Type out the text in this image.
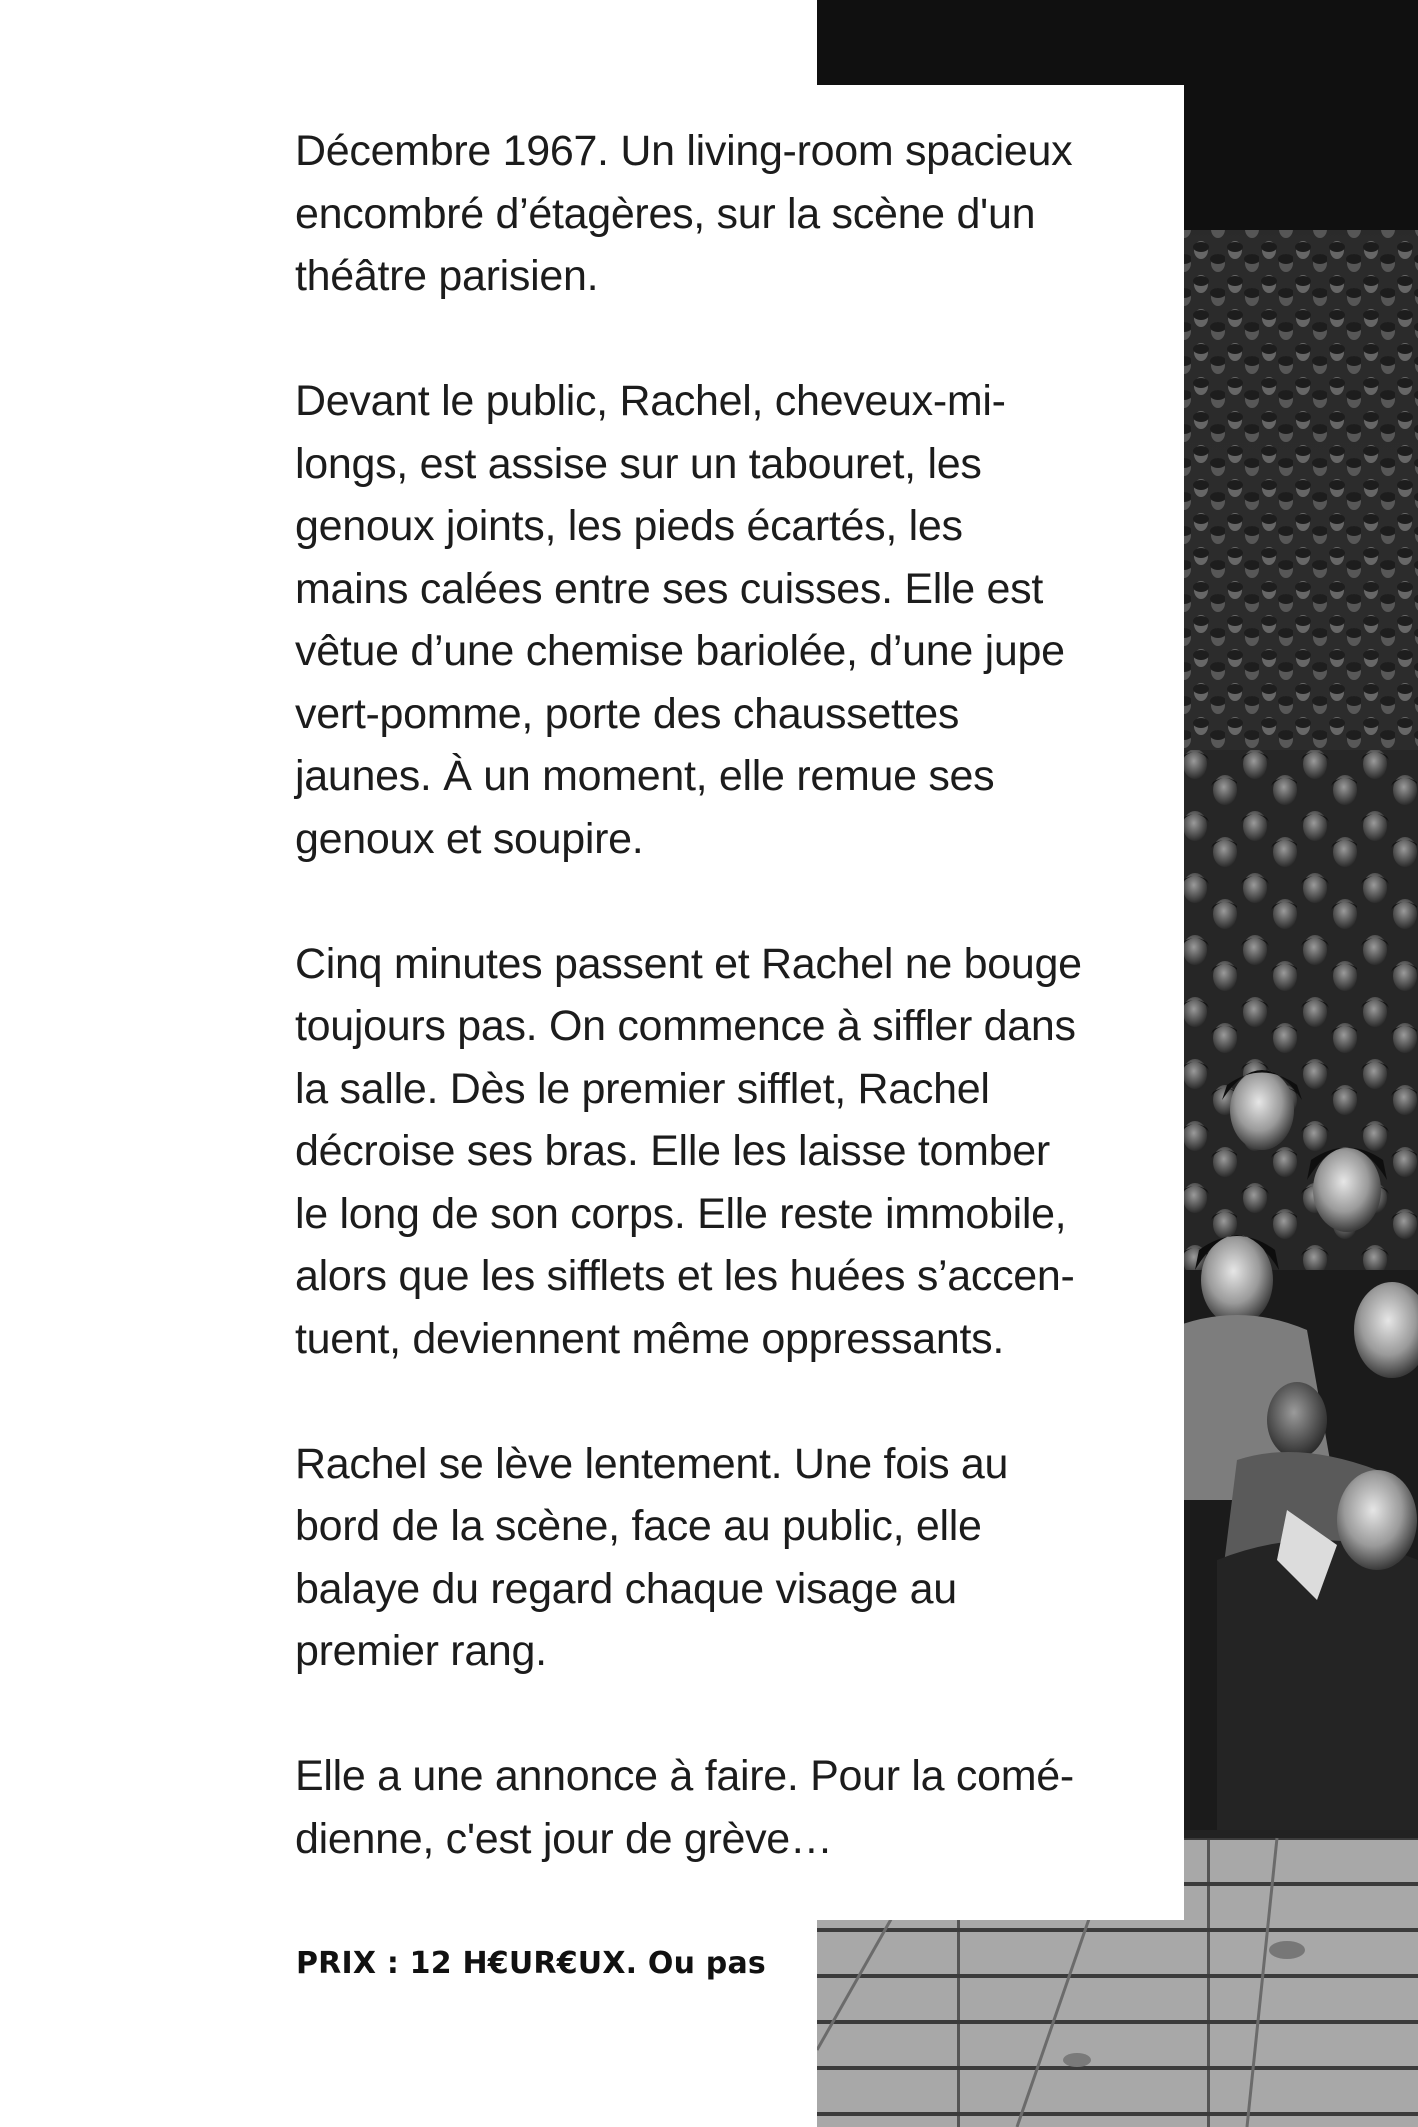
Décembre 1967. Un living-room spacieux
encombré d’étagères, sur la scène d'un
théâtre parisien.

Devant le public, Rachel, cheveux-mi-
longs, est assise sur un tabouret, les
genoux joints, les pieds écartés, les
mains calées entre ses cuisses. Elle est
vêtue d’une chemise bariolée, d’une jupe
vert-pomme, porte des chaussettes
jaunes. À un moment, elle remue ses
genoux et soupire.

Cinq minutes passent et Rachel ne bouge
toujours pas. On commence à siffler dans
la salle. Dès le premier sifflet, Rachel
décroise ses bras. Elle les laisse tomber
le long de son corps. Elle reste immobile,
alors que les sifflets et les huées s’accen-
tuent, deviennent même oppressants.

Rachel se lève lentement. Une fois au
bord de la scène, face au public, elle
balaye du regard chaque visage au
premier rang.

Elle a une annonce à faire. Pour la comé-
dienne, c'est jour de grève…

PRIX : 12 H€UR€UX. Ou pas
